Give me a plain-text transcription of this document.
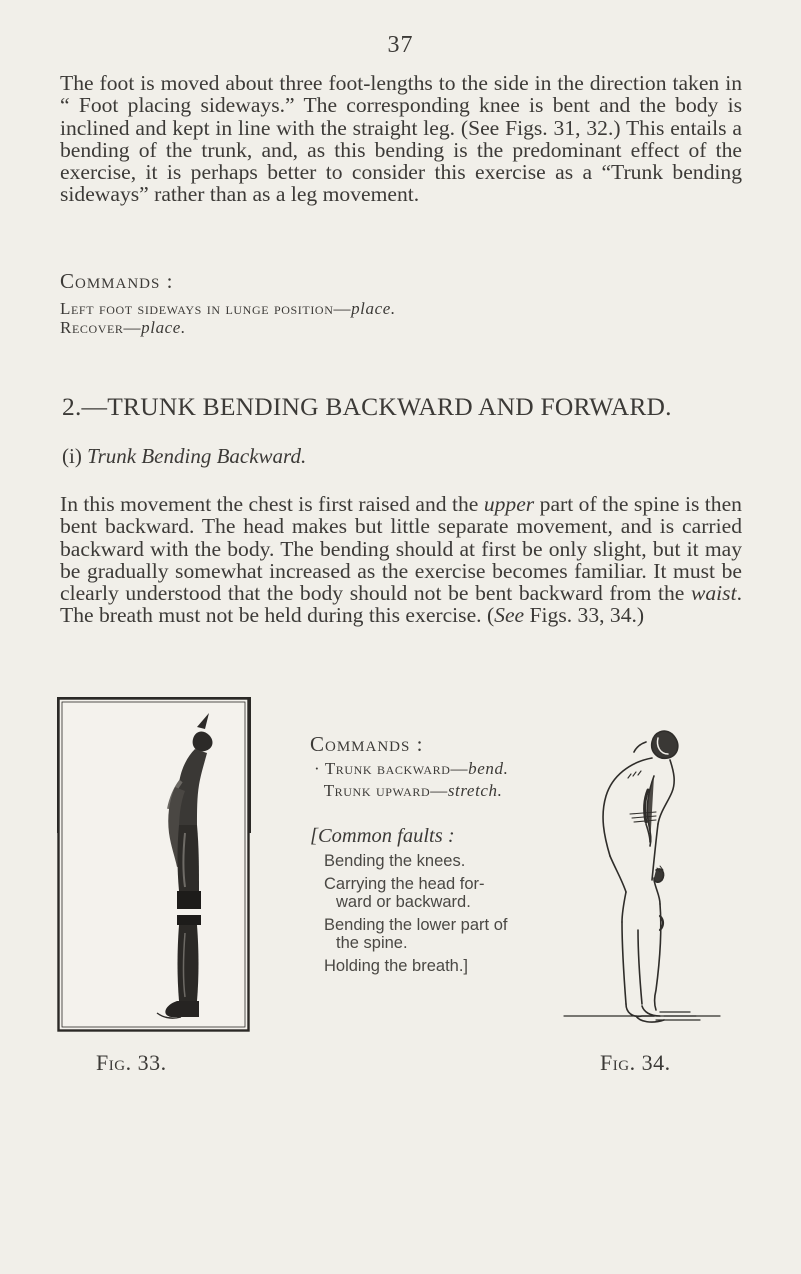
37

The foot is moved about three foot-lengths to the side in the direction taken in “ Foot placing sideways.” The corresponding knee is bent and the body is inclined and kept in line with the straight leg. (See Figs. 31, 32.) This entails a bending of the trunk, and, as this bending is the predominant effect of the exercise, it is perhaps better to consider this exercise as a “Trunk bending sideways” rather than as a leg movement.

Commands :
Left foot sideways in lunge position—place.
Recover—place.
2.—TRUNK BENDING BACKWARD AND FORWARD.
(i) Trunk Bending Backward.

In this movement the chest is first raised and the upper part of the spine is then bent backward. The head makes but little separate movement, and is carried backward with the body. The bending should at first be only slight, but it may be gradually somewhat increased as the exercise becomes familiar. It must be clearly understood that the body should not be bent backward from the waist. The breath must not be held during this exercise. (See Figs. 33, 34.)

Commands :

· Trunk backward—bend.

Trunk upward—stretch.

[Common faults :

Bending the knees.

Carrying the head for-
ward or backward.

Bending the lower part of
the spine.

Holding the breath.]

Fig. 33.	Fig. 34.
